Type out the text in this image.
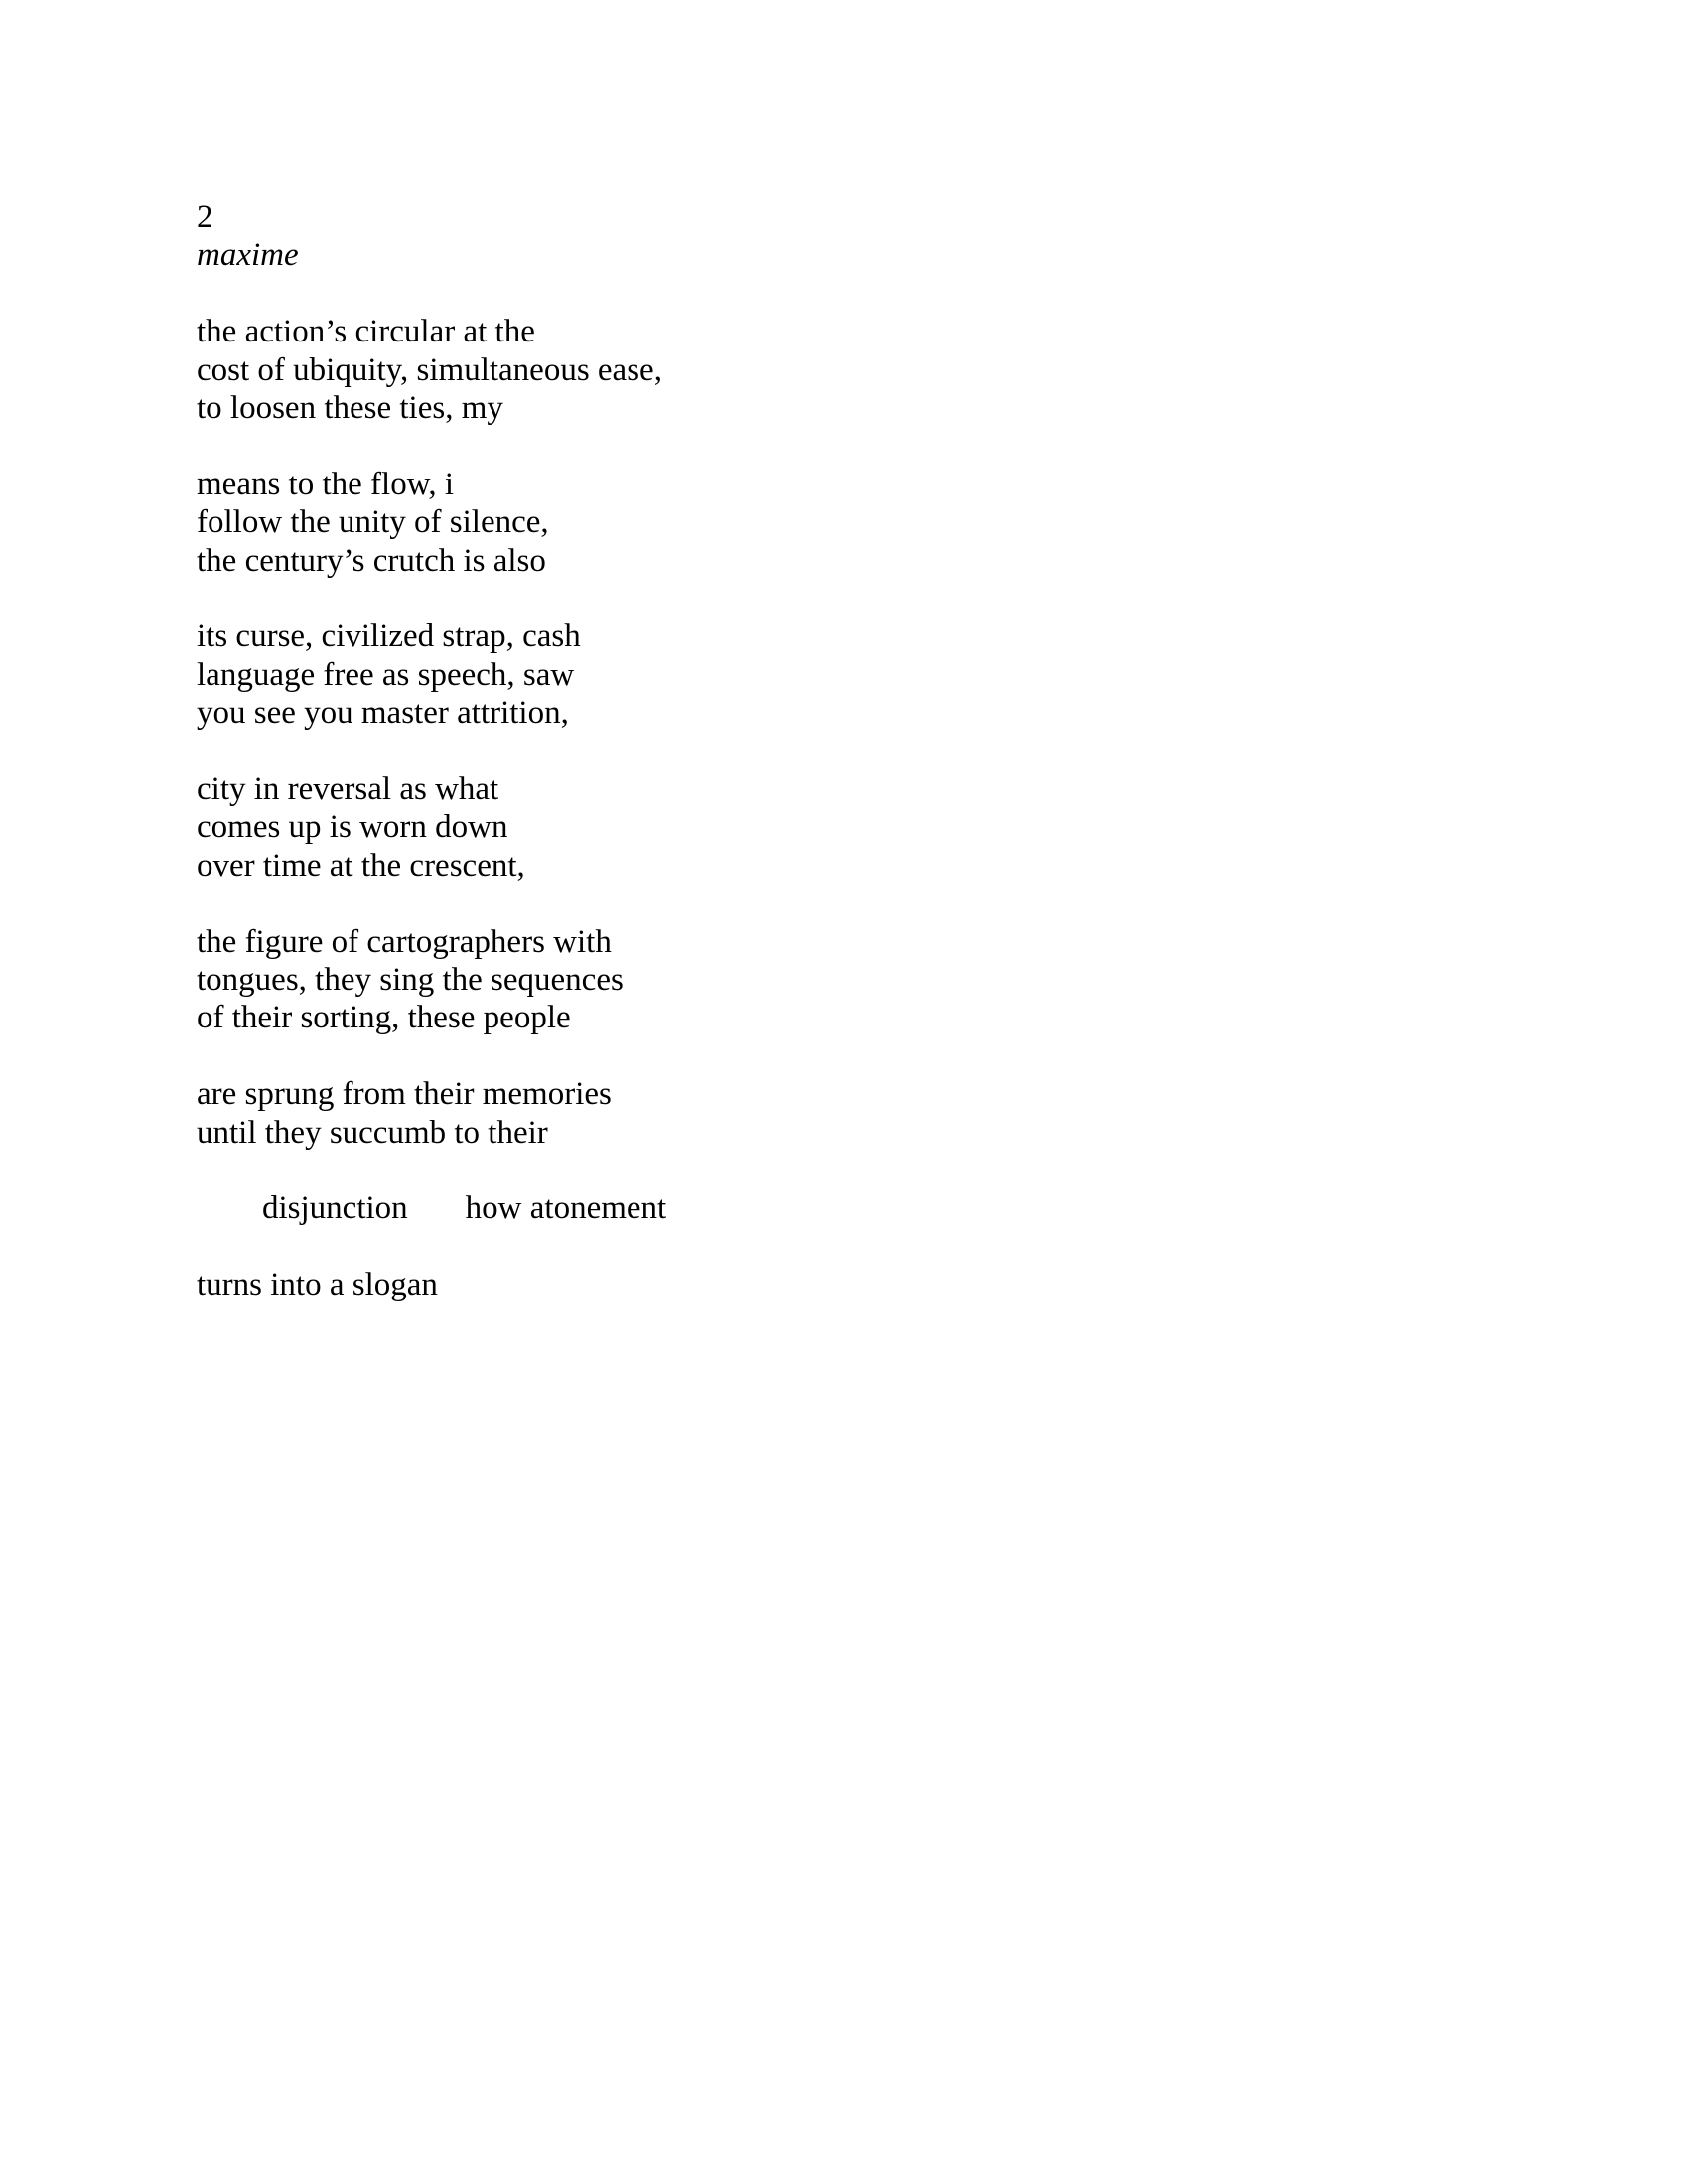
2
maxime
the action’s circular at the
cost of ubiquity, simultaneous ease,
to loosen these ties, my
means to the flow, i
follow the unity of silence,
the century’s crutch is also
its curse, civilized strap, cash
language free as speech, saw
you see you master attrition,
city in reversal as what
comes up is worn down
over time at the crescent,
the figure of cartographers with
tongues, they sing the sequences
of their sorting, these people
are sprung from their memories
until they succumb to their

disjunction how atonement

turns into a slogan
